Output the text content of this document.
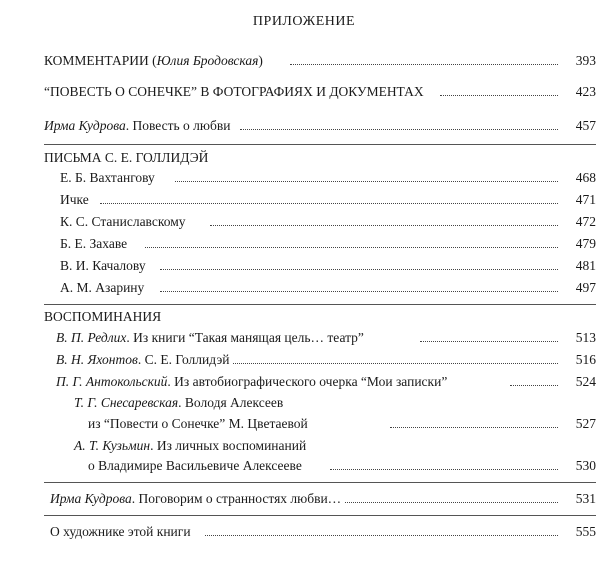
ПРИЛОЖЕНИЕ
КОММЕНТАРИИ (Юлия Бродовская)	393
“ПОВЕСТЬ О СОНЕЧКЕ” В ФОТОГРАФИЯХ И ДОКУМЕНТАХ	423
Ирма Кудрова. Повесть о любви	457
ПИСЬМА С. Е. ГОЛЛИДЭЙ
Е. Б. Вахтангову	468
Ичке	471
К. С. Станиславскому	472
Б. Е. Захаве	479
В. И. Качалову	481
А. М. Азарину	497
ВОСПОМИНАНИЯ
В. П. Редлих. Из книги “Такая манящая цель… театр”	513
В. Н. Яхонтов. С. Е. Голлидэй	516
П. Г. Антокольский. Из автобиографического очерка “Мои записки”	524
Т. Г. Снесаревская. Володя Алексеев
из “Повести о Сонечке” М. Цветаевой	527
А. Т. Кузьмин. Из личных воспоминаний
о Владимире Васильевиче Алексееве	530
Ирма Кудрова. Поговорим о странностях любви…	531
О художнике этой книги	555
